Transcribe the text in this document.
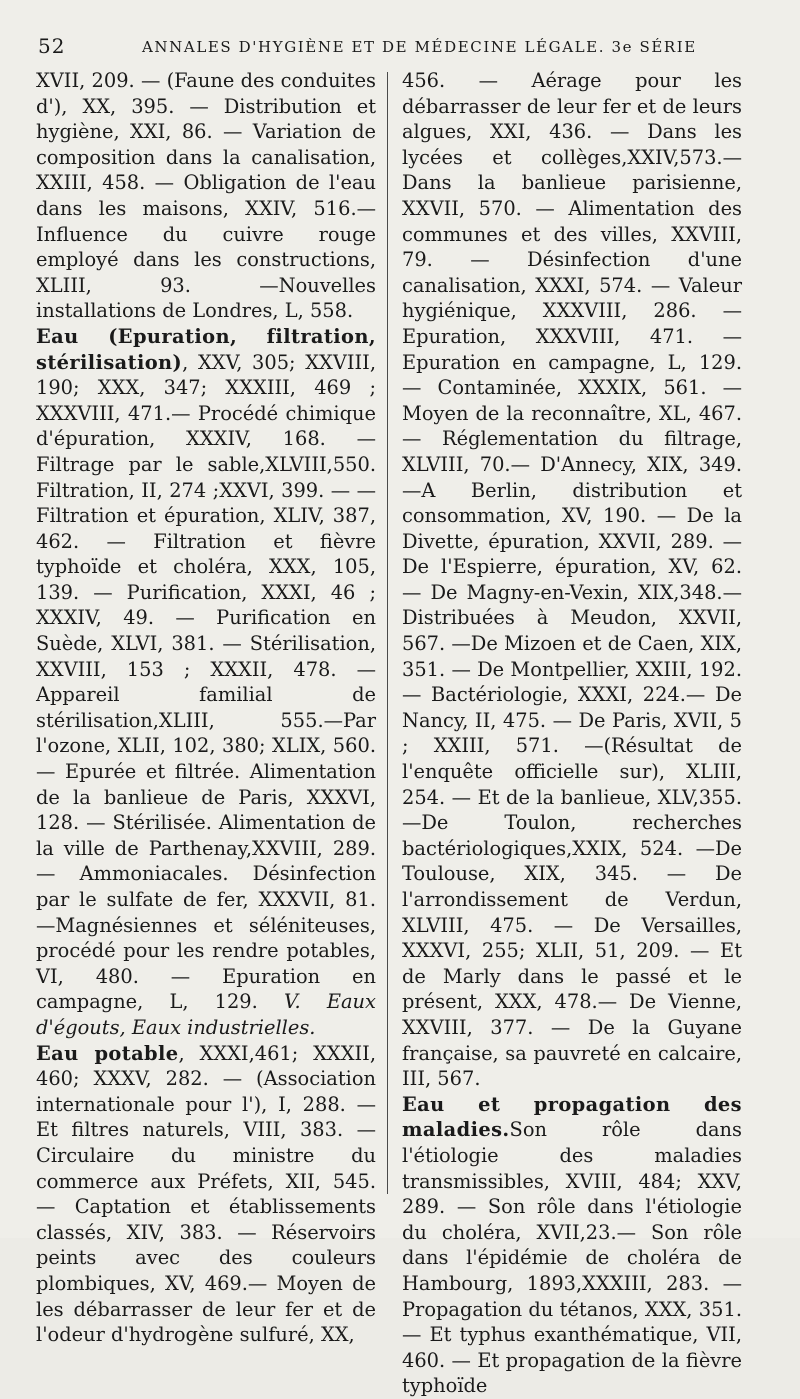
52	ANNALES D'HYGIÈNE ET DE MÉDECINE LÉGALE. 3e SÉRIE

XVII, 209. — (Faune des conduites d'), XX, 395. — Distribution et hygiène, XXI, 86. — Variation de composition dans la canalisation, XXIII, 458. — Obligation de l'eau dans les maisons, XXIV, 516.—Influence du cuivre rouge employé dans les constructions, XLIII, 93. —Nouvelles installations de Londres, L, 558.

Eau (Epuration, filtration, stérilisation), XXV, 305; XXVIII, 190; XXX, 347; XXXIII, 469 ; XXXVIII, 471.— Procédé chimique d'épuration, XXXIV, 168. — Filtrage par le sable,XLVIII,550. Filtration, II, 274 ;XXVI, 399. — —Filtration et épuration, XLIV, 387, 462. — Filtration et fièvre typhoïde et choléra, XXX, 105, 139. — Purification, XXXI, 46 ; XXXIV, 49. — Purification en Suède, XLVI, 381. — Stérilisation, XXVIII, 153 ; XXXII, 478. — Appareil familial de stérilisation,XLIII, 555.—Par l'ozone, XLII, 102, 380; XLIX, 560. — Epurée et filtrée. Alimentation de la banlieue de Paris, XXXVI, 128. — Stérilisée. Alimentation de la ville de Parthenay,XXVIII, 289. — Ammoniacales. Désinfection par le sulfate de fer, XXXVII, 81. —Magnésiennes et séléniteuses, procédé pour les rendre potables, VI, 480. — Epuration en campagne, L, 129. V. Eaux d'égouts, Eaux industrielles.

Eau potable, XXXI,461; XXXII, 460; XXXV, 282. — (Association internationale pour l'), I, 288. — Et filtres naturels, VIII, 383. — Circulaire du ministre du commerce aux Préfets, XII, 545. — Captation et établissements classés, XIV, 383. — Réservoirs peints avec des couleurs plombiques, XV, 469.— Moyen de les débarrasser de leur fer et de l'odeur d'hydrogène sulfuré, XX,

456. — Aérage pour les débarrasser de leur fer et de leurs algues, XXI, 436. — Dans les lycées et collèges,XXIV,573.—Dans la banlieue parisienne, XXVII, 570. — Alimentation des communes et des villes, XXVIII, 79. — Désinfection d'une canalisation, XXXI, 574. — Valeur hygiénique, XXXVIII, 286. — Epuration, XXXVIII, 471. — Epuration en campagne, L, 129. — Contaminée, XXXIX, 561. — Moyen de la reconnaître, XL, 467. — Réglementation du filtrage, XLVIII, 70.— D'Annecy, XIX, 349.—A Berlin, distribution et consommation, XV, 190. — De la Divette, épuration, XXVII, 289. — De l'Espierre, épuration, XV, 62. — De Magny-en-Vexin, XIX,348.—Distribuées à Meudon, XXVII, 567. —De Mizoen et de Caen, XIX, 351. — De Montpellier, XXIII, 192.— Bactériologie, XXXI, 224.— De Nancy, II, 475. — De Paris, XVII, 5 ; XXIII, 571. —(Résultat de l'enquête officielle sur), XLIII, 254. — Et de la banlieue, XLV,355.—De Toulon, recherches bactériologiques,XXIX, 524. —De Toulouse, XIX, 345. — De l'arrondissement de Verdun, XLVIII, 475. — De Versailles, XXXVI, 255; XLII, 51, 209. — Et de Marly dans le passé et le présent, XXX, 478.— De Vienne, XXVIII, 377. — De la Guyane française, sa pauvreté en calcaire, III, 567.

Eau et propagation des maladies.Son rôle dans l'étiologie des maladies transmissibles, XVIII, 484; XXV, 289. — Son rôle dans l'étiologie du choléra, XVII,23.— Son rôle dans l'épidémie de choléra de Hambourg, 1893,XXXIII, 283. — Propagation du tétanos, XXX, 351. — Et typhus exanthématique, VII, 460. — Et propagation de la fièvre typhoïde
